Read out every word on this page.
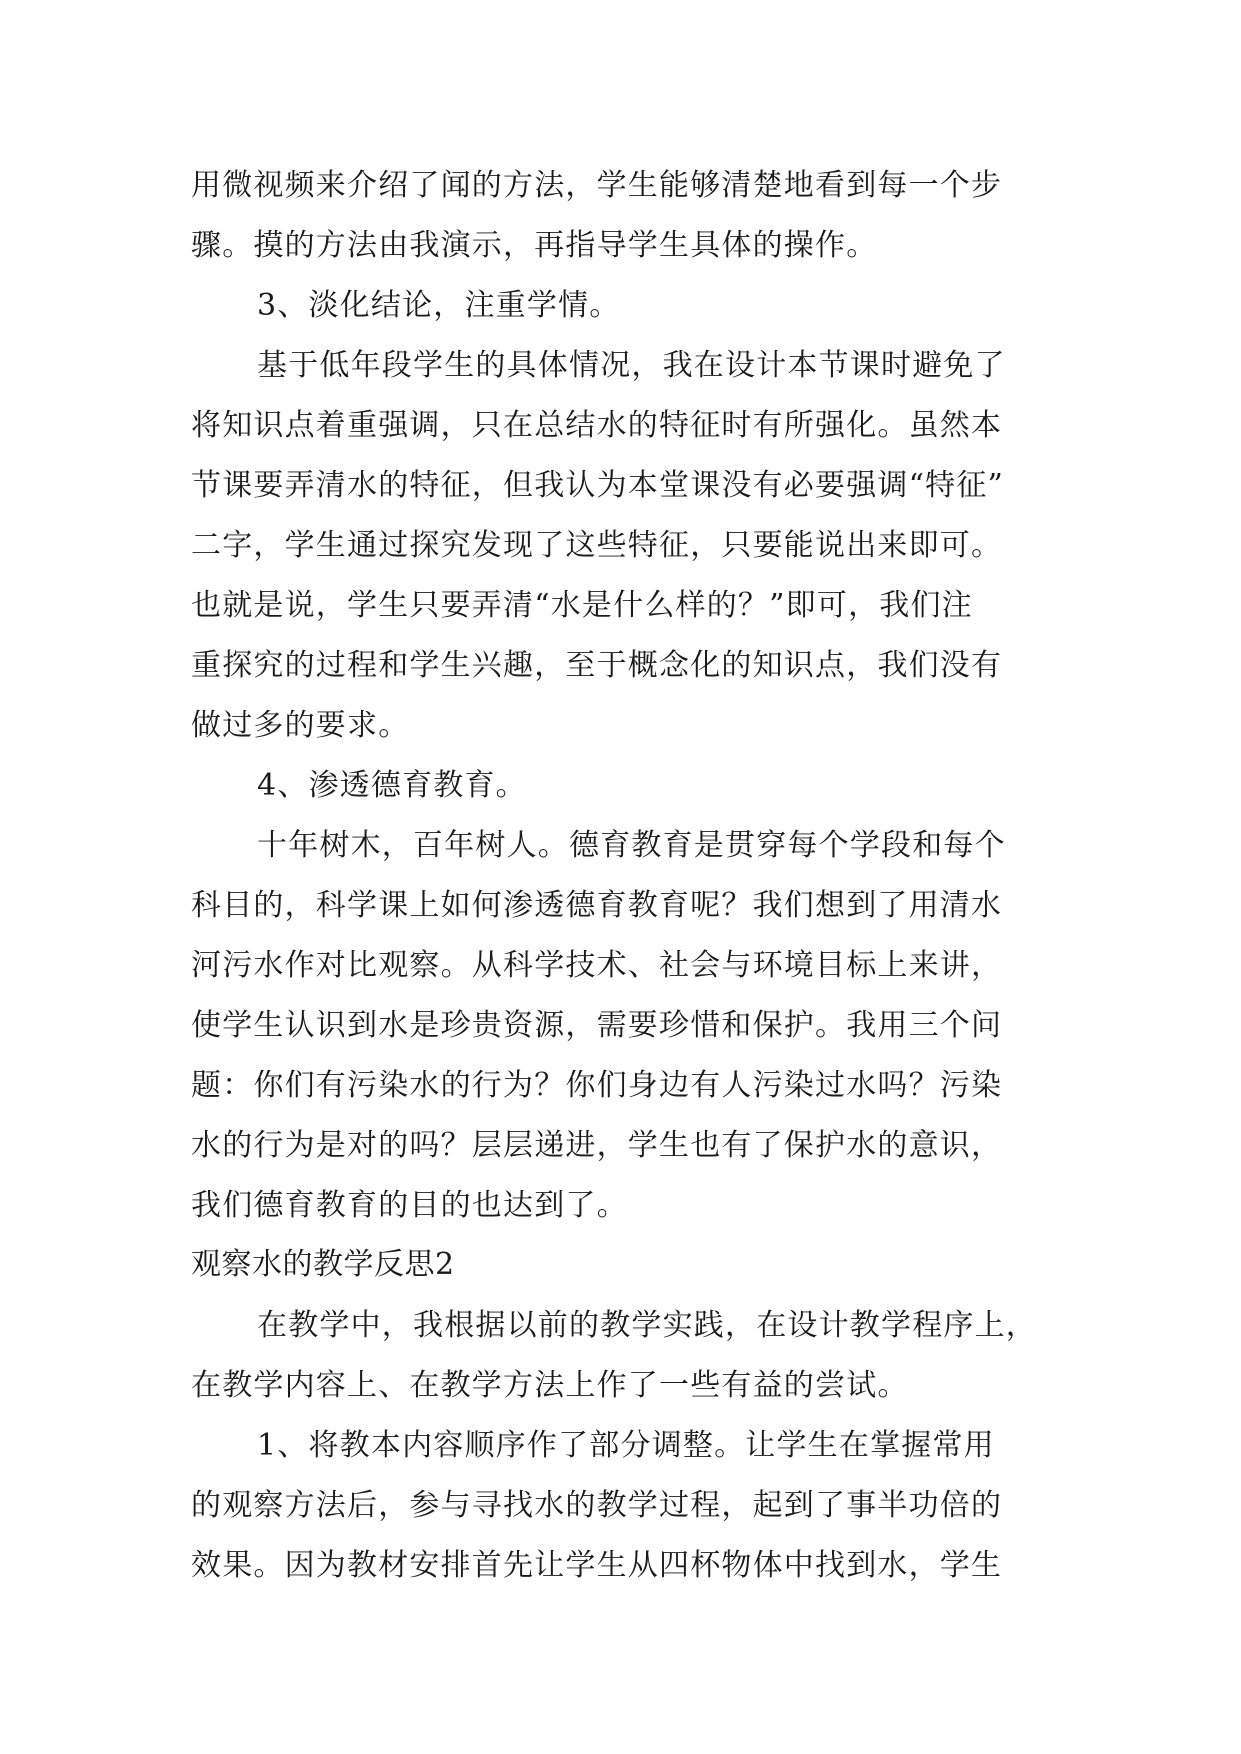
用微视频来介绍了闻的方法，学生能够清楚地看到每一个步
骤。摸的方法由我演示，再指导学生具体的操作。
3、淡化结论，注重学情。
基于低年段学生的具体情况，我在设计本节课时避免了
将知识点着重强调，只在总结水的特征时有所强化。虽然本
节课要弄清水的特征，但我认为本堂课没有必要强调“特征”
二字，学生通过探究发现了这些特征，只要能说出来即可。
也就是说，学生只要弄清“水是什么样的？”即可，我们注
重探究的过程和学生兴趣，至于概念化的知识点，我们没有
做过多的要求。
4、渗透德育教育。
十年树木，百年树人。德育教育是贯穿每个学段和每个
科目的，科学课上如何渗透德育教育呢？我们想到了用清水
河污水作对比观察。从科学技术、社会与环境目标上来讲，
使学生认识到水是珍贵资源，需要珍惜和保护。我用三个问
题：你们有污染水的行为？你们身边有人污染过水吗？污染
水的行为是对的吗？层层递进，学生也有了保护水的意识，
我们德育教育的目的也达到了。
观察水的教学反思2
在教学中，我根据以前的教学实践，在设计教学程序上，
在教学内容上、在教学方法上作了一些有益的尝试。
1、将教本内容顺序作了部分调整。让学生在掌握常用
的观察方法后，参与寻找水的教学过程，起到了事半功倍的
效果。因为教材安排首先让学生从四杯物体中找到水，学生
